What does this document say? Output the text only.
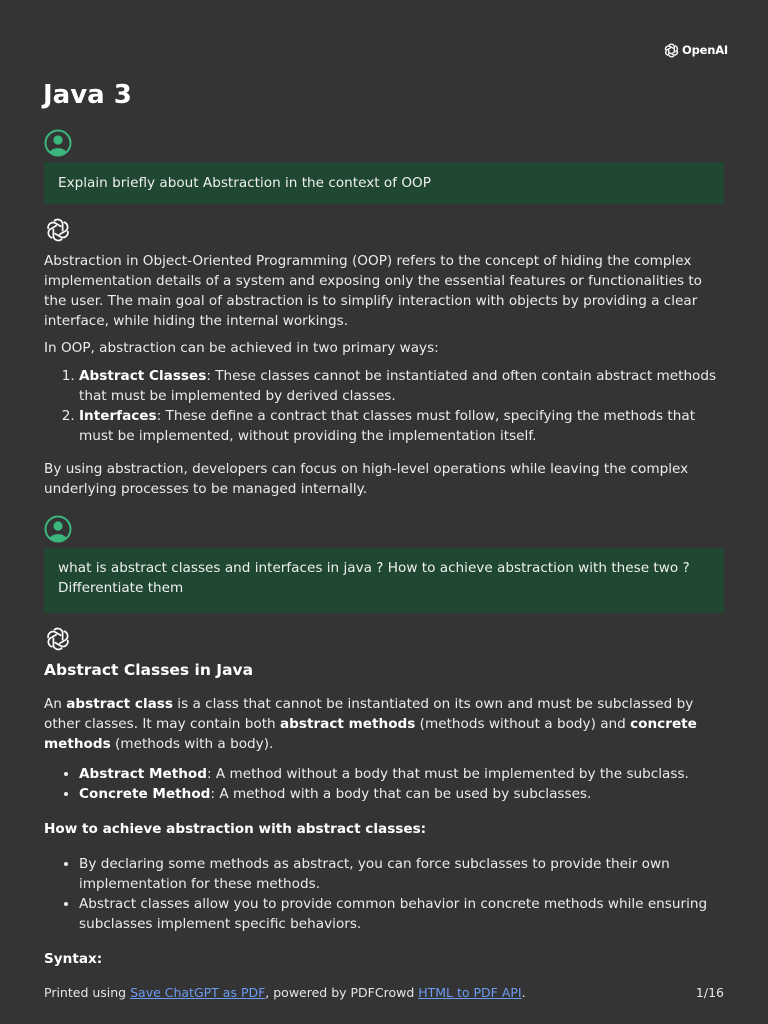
OpenAI
Java 3
Explain briefly about Abstraction in the context of OOP

Abstraction in Object-Oriented Programming (OOP) refers to the concept of hiding the complex implementation details of a system and exposing only the essential features or functionalities to the user. The main goal of abstraction is to simplify interaction with objects by providing a clear interface, while hiding the internal workings.

In OOP, abstraction can be achieved in two primary ways:

1. Abstract Classes: These classes cannot be instantiated and often contain abstract methods that must be implemented by derived classes.
2. Interfaces: These define a contract that classes must follow, specifying the methods that must be implemented, without providing the implementation itself.

By using abstraction, developers can focus on high-level operations while leaving the complex underlying processes to be managed internally.

what is abstract classes and interfaces in java ? How to achieve abstraction with these two ? Differentiate them
Abstract Classes in Java

An abstract class is a class that cannot be instantiated on its own and must be subclassed by other classes. It may contain both abstract methods (methods without a body) and concrete methods (methods with a body).

• Abstract Method: A method without a body that must be implemented by the subclass.
• Concrete Method: A method with a body that can be used by subclasses.

How to achieve abstraction with abstract classes:

• By declaring some methods as abstract, you can force subclasses to provide their own implementation for these methods.
• Abstract classes allow you to provide common behavior in concrete methods while ensuring subclasses implement specific behaviors.

Syntax:

Printed using Save ChatGPT as PDF, powered by PDFCrowd HTML to PDF API.	1/16
